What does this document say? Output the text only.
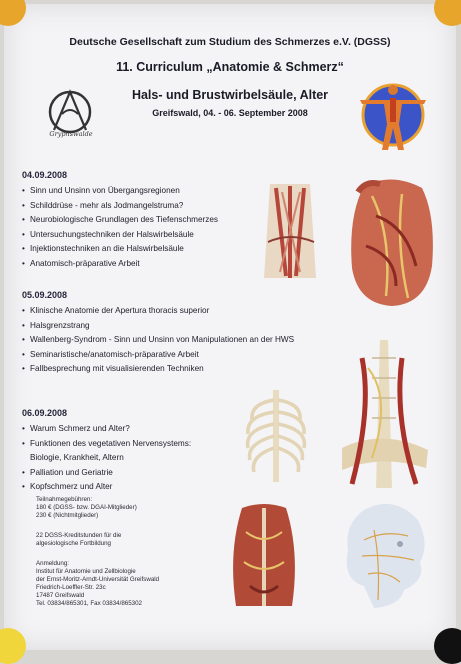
Deutsche Gesellschaft zum Studium des Schmerzes e.V. (DGSS)
11. Curriculum „Anatomie & Schmerz“
Hals- und Brustwirbelsäule, Alter
Greifswald, 04. - 06. September 2008
Gryphswalde
04.09.2008
• Sinn und Unsinn von Übergangsregionen
• Schilddrüse - mehr als Jodmangelstruma?
• Neurobiologische Grundlagen des Tiefenschmerzes
• Untersuchungstechniken der Halswirbelsäule
• Injektionstechniken an die Halswirbelsäule
• Anatomisch-präparative Arbeit
05.09.2008
• Klinische Anatomie der Apertura thoracis superior
• Halsgrenzstrang
• Wallenberg-Syndrom - Sinn und Unsinn von Manipulationen an der HWS
• Seminaristische/anatomisch-präparative Arbeit
• Fallbesprechung mit visualisierenden Techniken
06.09.2008
• Warum Schmerz und Alter?
• Funktionen des vegetativen Nervensystems:
Biologie, Krankheit, Altern
• Palliation und Geriatrie
• Kopfschmerz und Alter
Teilnahmegebühren:
180 € (DGSS- bzw. DGAI-Mitglieder)
230 € (Nichtmitglieder)
22 DGSS-Kreditstunden für die
algesiologische Fortbildung
Anmeldung:
Institut für Anatomie und Zellbiologie
der Ernst-Moritz-Arndt-Universität Greifswald
Friedrich-Loeffler-Str. 23c
17487 Greifswald
Tel. 03834/865301, Fax 03834/865302
